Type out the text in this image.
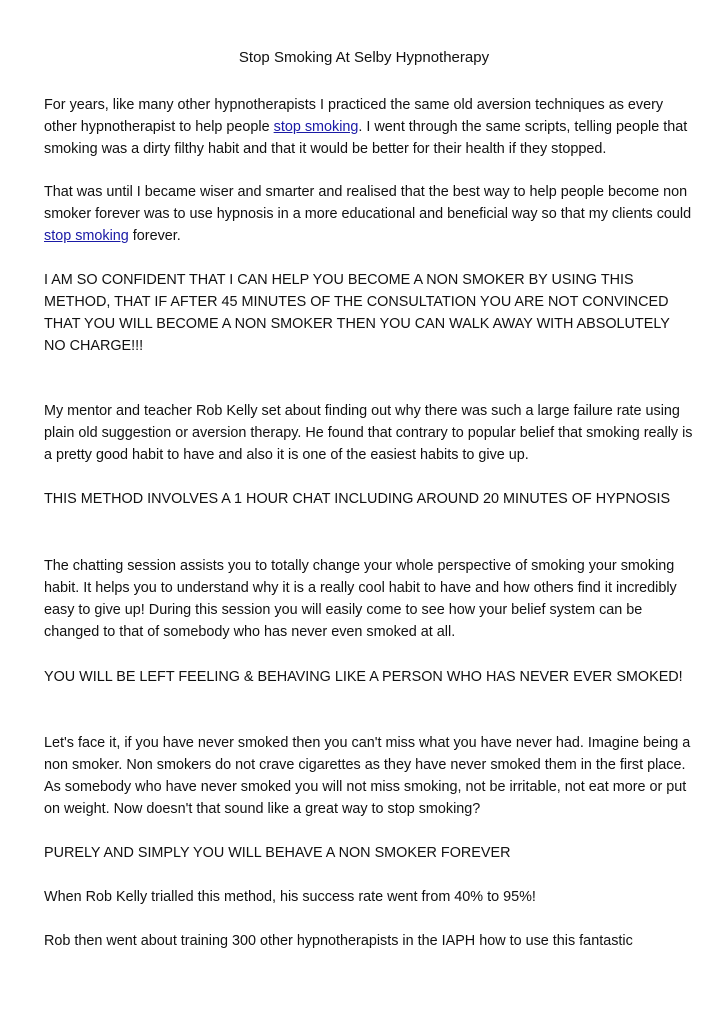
Stop Smoking At Selby Hypnotherapy

For years, like many other hypnotherapists I practiced the same old aversion techniques as every other hypnotherapist to help people stop smoking. I went through the same scripts, telling people that smoking was a dirty filthy habit and that it would be better for their health if they stopped.

That was until I became wiser and smarter and realised that the best way to help people become non smoker forever was to use hypnosis in a more educational and beneficial way so that my clients could stop smoking forever.

I AM SO CONFIDENT THAT I CAN HELP YOU BECOME A NON SMOKER BY USING THIS METHOD, THAT IF AFTER 45 MINUTES OF THE CONSULTATION YOU ARE NOT CONVINCED THAT YOU WILL BECOME A NON SMOKER THEN YOU CAN WALK AWAY WITH ABSOLUTELY NO CHARGE!!!

My mentor and teacher Rob Kelly set about finding out why there was such a large failure rate using plain old suggestion or aversion therapy. He found that contrary to popular belief that smoking really is a pretty good habit to have and also it is one of the easiest habits to give up.

THIS METHOD INVOLVES A 1 HOUR CHAT INCLUDING AROUND 20 MINUTES OF HYPNOSIS

The chatting session assists you to totally change your whole perspective of smoking your smoking habit. It helps you to understand why it is a really cool habit to have and how others find it incredibly easy to give up! During this session you will easily come to see how your belief system can be changed to that of somebody who has never even smoked at all.

YOU WILL BE LEFT FEELING & BEHAVING LIKE A PERSON WHO HAS NEVER EVER SMOKED!

Let's face it, if you have never smoked then you can't miss what you have never had. Imagine being a non smoker. Non smokers do not crave cigarettes as they have never smoked them in the first place. As somebody who have never smoked you will not miss smoking, not be irritable, not eat more or put on weight. Now doesn't that sound like a great way to stop smoking?

PURELY AND SIMPLY YOU WILL BEHAVE A NON SMOKER FOREVER

When Rob Kelly trialled this method, his success rate went from 40% to 95%!

Rob then went about training 300 other hypnotherapists in the IAPH how to use this fantastic
